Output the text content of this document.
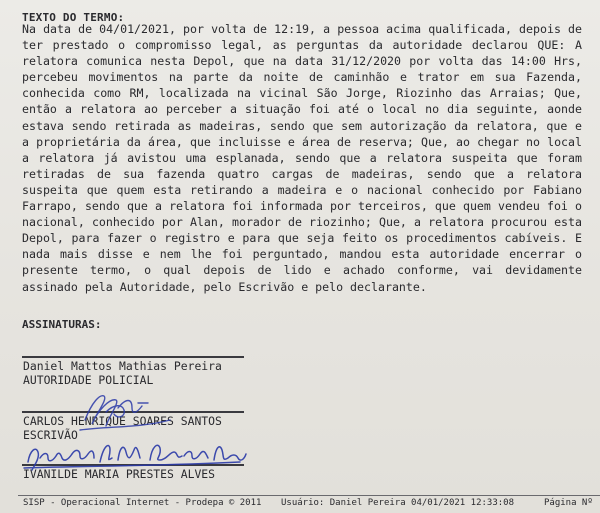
TEXTO DO TERMO:
Na data de 04/01/2021, por volta de 12:19, a pessoa acima qualificada, depois de ter prestado o compromisso legal, as perguntas da autoridade declarou QUE: A relatora comunica nesta Depol, que na data 31/12/2020 por volta das 14:00 Hrs, percebeu movimentos na parte da noite de caminhão e trator em sua Fazenda, conhecida como RM, localizada na vicinal São Jorge, Riozinho das Arraias; Que, então a relatora ao perceber a situação foi até o local no dia seguinte, aonde estava sendo retirada as madeiras, sendo que sem autorização da relatora, que e a proprietária da área, que incluisse e área de reserva; Que, ao chegar no local a relatora já avistou uma esplanada, sendo que a relatora suspeita que foram retiradas de sua fazenda quatro cargas de madeiras, sendo que a relatora suspeita que quem esta retirando a madeira e o nacional conhecido por Fabiano Farrapo, sendo que a relatora foi informada por terceiros, que quem vendeu foi o nacional, conhecido por Alan, morador de riozinho; Que, a relatora procurou esta Depol, para fazer o registro e para que seja feito os procedimentos cabíveis. E nada mais disse e nem lhe foi perguntado, mandou esta autoridade encerrar o presente termo, o qual depois de lido e achado conforme, vai devidamente assinado pela Autoridade, pelo Escrivão e pelo declarante.
ASSINATURAS:
Daniel Mattos Mathias Pereira
AUTORIDADE POLICIAL
CARLOS HENRIQUE SOARES SANTOS
ESCRIVÃO
IVANILDE MARIA PRESTES ALVES
SISP - Operacional Internet - Prodepa © 2011 Usuário: Daniel Pereira 04/01/2021 12:33:08	Página Nº
